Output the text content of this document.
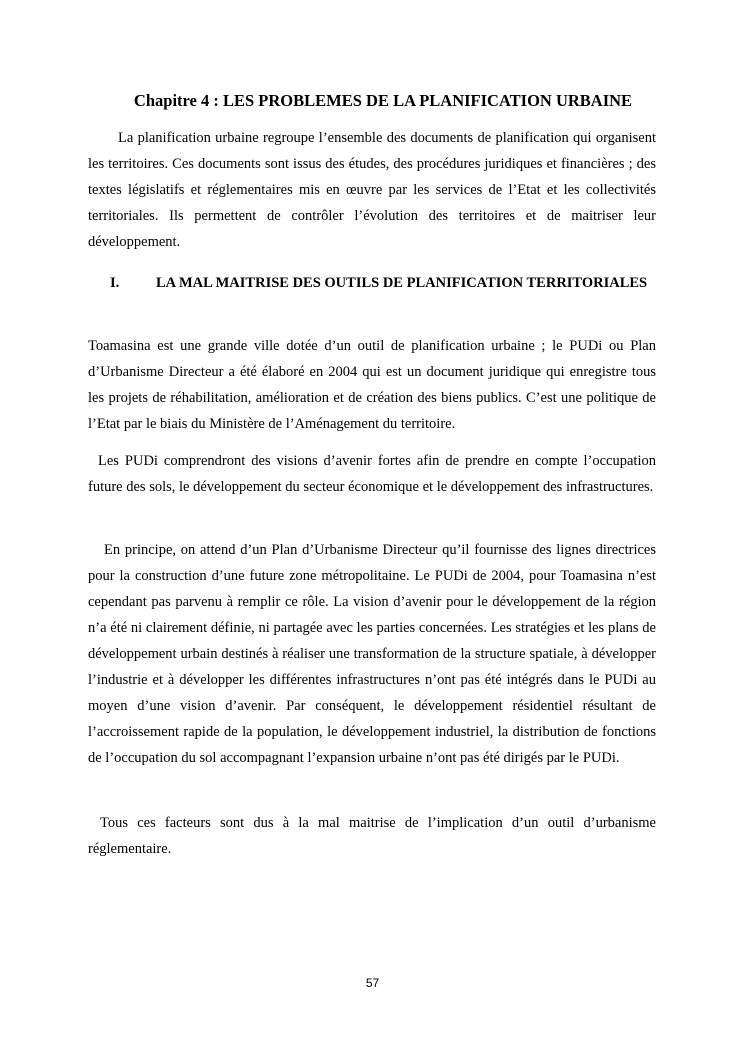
Chapitre 4 : LES PROBLEMES DE LA PLANIFICATION URBAINE

La planification urbaine regroupe l’ensemble des documents de planification qui organisent les territoires. Ces documents sont issus des études, des procédures juridiques et financières ; des textes législatifs et réglementaires mis en œuvre par les services de l’Etat et les collectivités territoriales. Ils permettent de contrôler l’évolution des territoires et de maitriser leur développement.

I.	LA MAL MAITRISE DES OUTILS DE PLANIFICATION TERRITORIALES

Toamasina est une grande ville dotée d’un outil de planification urbaine ; le PUDi ou Plan d’Urbanisme Directeur a été élaboré en 2004 qui est un document juridique qui enregistre tous les projets de réhabilitation, amélioration et de création des biens publics. C’est une politique de l’Etat par le biais du Ministère de l’Aménagement du territoire.

Les PUDi comprendront des visions d’avenir fortes afin de prendre en compte l’occupation future des sols, le développement du secteur économique et le développement des infrastructures.

En principe, on attend d’un Plan d’Urbanisme Directeur qu’il fournisse des lignes directrices pour la construction d’une future zone métropolitaine. Le PUDi de 2004, pour Toamasina n’est cependant pas parvenu à remplir ce rôle. La vision d’avenir pour le développement de la région n’a été ni clairement définie, ni partagée avec les parties concernées. Les stratégies et les plans de développement urbain destinés à réaliser une transformation de la structure spatiale, à développer l’industrie et à développer les différentes infrastructures n’ont pas été intégrés dans le PUDi au moyen d’une vision d’avenir. Par conséquent, le développement résidentiel résultant de l’accroissement rapide de la population, le développement industriel, la distribution de fonctions de l’occupation du sol accompagnant l’expansion urbaine n’ont pas été dirigés par le PUDi.

Tous ces facteurs sont dus à la mal maitrise de l’implication d’un outil d’urbanisme réglementaire.

57
